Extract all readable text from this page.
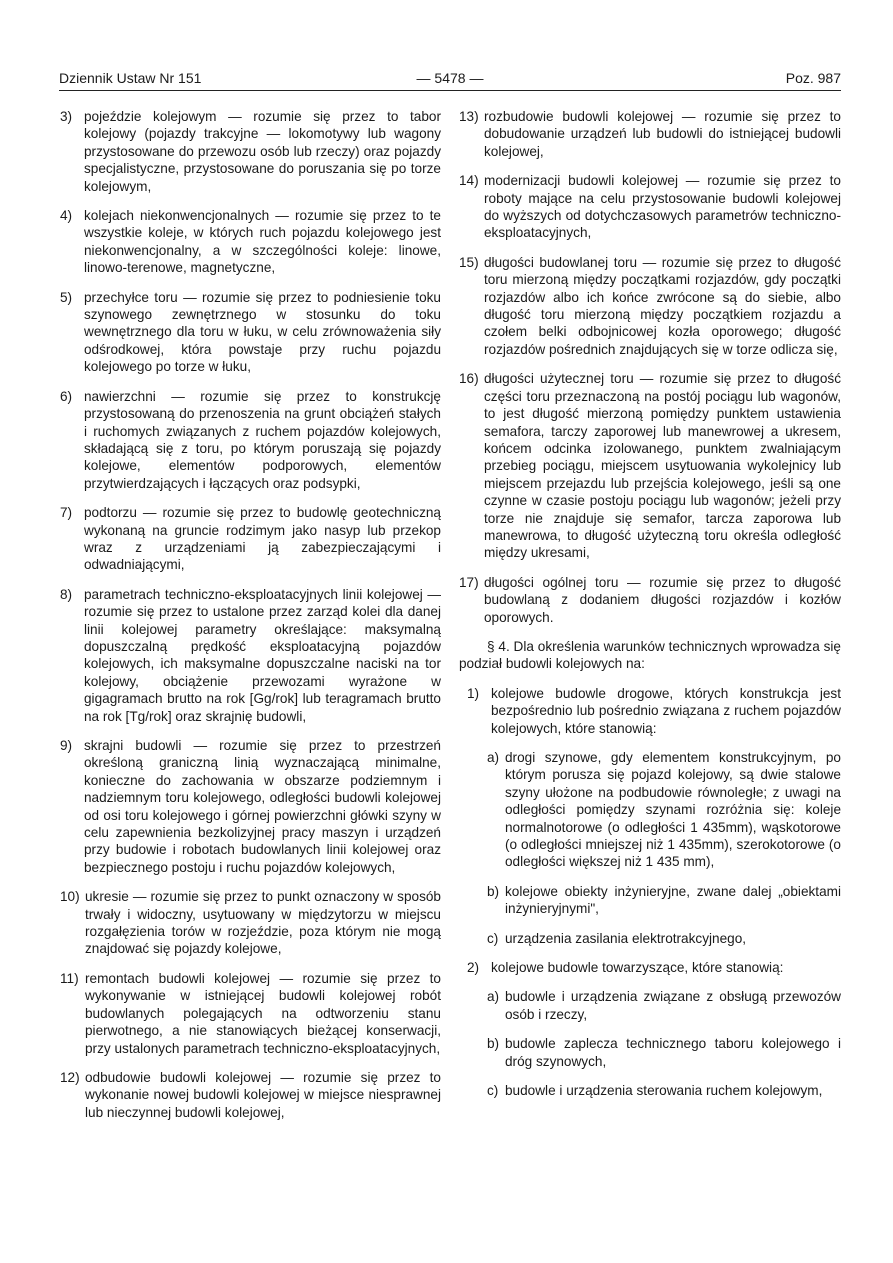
Dziennik Ustaw Nr 151	— 5478 —	Poz. 987
3) pojeździe kolejowym — rozumie się przez to tabor kolejowy (pojazdy trakcyjne — lokomotywy lub wagony przystosowane do przewozu osób lub rzeczy) oraz pojazdy specjalistyczne, przystosowane do poruszania się po torze kolejowym,
4) kolejach niekonwencjonalnych — rozumie się przez to te wszystkie koleje, w których ruch pojazdu kolejowego jest niekonwencjonalny, a w szczególności koleje: linowe, linowo-terenowe, magnetyczne,
5) przechyłce toru — rozumie się przez to podniesienie toku szynowego zewnętrznego w stosunku do toku wewnętrznego dla toru w łuku, w celu zrównoważenia siły odśrodkowej, która powstaje przy ruchu pojazdu kolejowego po torze w łuku,
6) nawierzchni — rozumie się przez to konstrukcję przystosowaną do przenoszenia na grunt obciążeń stałych i ruchomych związanych z ruchem pojazdów kolejowych, składającą się z toru, po którym poruszają się pojazdy kolejowe, elementów podporowych, elementów przytwierdzających i łączących oraz podsypki,
7) podtorzu — rozumie się przez to budowlę geotechniczną wykonaną na gruncie rodzimym jako nasyp lub przekop wraz z urządzeniami ją zabezpieczającymi i odwadniającymi,
8) parametrach techniczno-eksploatacyjnych linii kolejowej — rozumie się przez to ustalone przez zarząd kolei dla danej linii kolejowej parametry określające: maksymalną dopuszczalną prędkość eksploatacyjną pojazdów kolejowych, ich maksymalne dopuszczalne naciski na tor kolejowy, obciążenie przewozami wyrażone w gigagramach brutto na rok [Gg/rok] lub teragramach brutto na rok [Tg/rok] oraz skrajnię budowli,
9) skrajni budowli — rozumie się przez to przestrzeń określoną graniczną linią wyznaczającą minimalne, konieczne do zachowania w obszarze podziemnym i nadziemnym toru kolejowego, odległości budowli kolejowej od osi toru kolejowego i górnej powierzchni główki szyny w celu zapewnienia bezkolizyjnej pracy maszyn i urządzeń przy budowie i robotach budowlanych linii kolejowej oraz bezpiecznego postoju i ruchu pojazdów kolejowych,
10) ukresie — rozumie się przez to punkt oznaczony w sposób trwały i widoczny, usytuowany w międzytorzu w miejscu rozgałęzienia torów w rozjeździe, poza którym nie mogą znajdować się pojazdy kolejowe,
11) remontach budowli kolejowej — rozumie się przez to wykonywanie w istniejącej budowli kolejowej robót budowlanych polegających na odtworzeniu stanu pierwotnego, a nie stanowiących bieżącej konserwacji, przy ustalonych parametrach techniczno-eksploatacyjnych,
12) odbudowie budowli kolejowej — rozumie się przez to wykonanie nowej budowli kolejowej w miejsce niesprawnej lub nieczynnej budowli kolejowej,
13) rozbudowie budowli kolejowej — rozumie się przez to dobudowanie urządzeń lub budowli do istniejącej budowli kolejowej,
14) modernizacji budowli kolejowej — rozumie się przez to roboty mające na celu przystosowanie budowli kolejowej do wyższych od dotychczasowych parametrów techniczno-eksploatacyjnych,
15) długości budowlanej toru — rozumie się przez to długość toru mierzoną między początkami rozjazdów, gdy początki rozjazdów albo ich końce zwrócone są do siebie, albo długość toru mierzoną między początkiem rozjazdu a czołem belki odbojnicowej kozła oporowego; długość rozjazdów pośrednich znajdujących się w torze odlicza się,
16) długości użytecznej toru — rozumie się przez to długość części toru przeznaczoną na postój pociągu lub wagonów, to jest długość mierzoną pomiędzy punktem ustawienia semafora, tarczy zaporowej lub manewrowej a ukresem, końcem odcinka izolowanego, punktem zwalniającym przebieg pociągu, miejscem usytuowania wykolejnicy lub miejscem przejazdu lub przejścia kolejowego, jeśli są one czynne w czasie postoju pociągu lub wagonów; jeżeli przy torze nie znajduje się semafor, tarcza zaporowa lub manewrowa, to długość użyteczną toru określa odległość między ukresami,
17) długości ogólnej toru — rozumie się przez to długość budowlaną z dodaniem długości rozjazdów i kozłów oporowych.

§ 4. Dla określenia warunków technicznych wprowadza się podział budowli kolejowych na:

1) kolejowe budowle drogowe, których konstrukcja jest bezpośrednio lub pośrednio związana z ruchem pojazdów kolejowych, które stanowią:
a) drogi szynowe, gdy elementem konstrukcyjnym, po którym porusza się pojazd kolejowy, są dwie stalowe szyny ułożone na podbudowie równoległe; z uwagi na odległości pomiędzy szynami rozróżnia się: koleje normalnotorowe (o odległości 1 435mm), wąskotorowe (o odległości mniejszej niż 1 435mm), szerokotorowe (o odległości większej niż 1 435 mm),
b) kolejowe obiekty inżynieryjne, zwane dalej „obiektami inżynieryjnymi",
c) urządzenia zasilania elektrotrakcyjnego,
2) kolejowe budowle towarzyszące, które stanowią:
a) budowle i urządzenia związane z obsługą przewozów osób i rzeczy,
b) budowle zaplecza technicznego taboru kolejowego i dróg szynowych,
c) budowle i urządzenia sterowania ruchem kolejowym,
